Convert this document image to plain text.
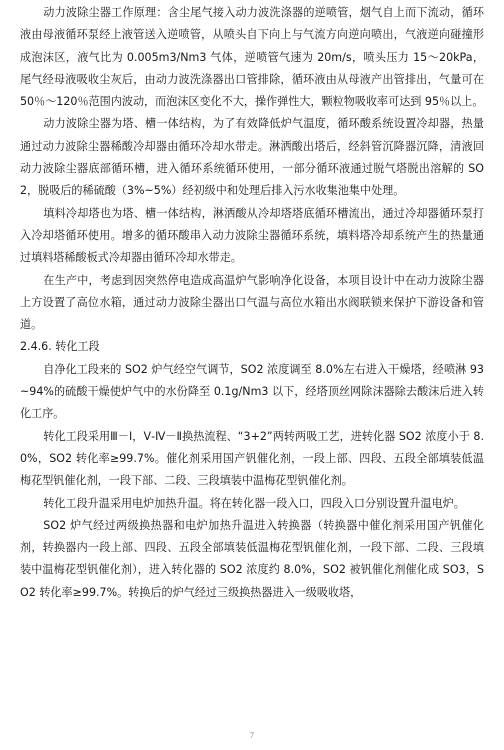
动力波除尘器工作原理：含尘尾气接入动力波洗涤器的逆喷管，烟气自上而下流动，循环液由母液循环泵经上液管送入逆喷管，从喷头自下向上与气流方向逆向喷出，气液逆向碰撞形成泡沫区，液气比为 0.005m3/Nm3 气体，逆喷管气速为 20m/s，喷头压力 15～20kPa，尾气经母液吸收尘灰后，由动力波洗涤器出口管排除，循环液由从母液产出管排出，气量可在 50％～120％范围内波动，而泡沫区变化不大，操作弹性大，颗粒物吸收率可达到 95％以上。

动力波除尘器为塔、槽一体结构，为了有效降低炉气温度，循环酸系统设置冷却器，热量通过动力波除尘器稀酸冷却器由循环冷却水带走。淋洒酸出塔后，经斜管沉降器沉降，清液回动力波除尘器底部循环槽，进入循环系统循环使用，一部分循环液通过脱气塔脱出溶解的 SO2，脱吸后的稀硫酸（3%~5%）经初级中和处理后排入污水收集池集中处理。

填料冷却塔也为塔、槽一体结构，淋洒酸从冷却塔塔底循环槽流出，通过冷却器循环泵打入冷却塔循环使用。增多的循环酸串入动力波除尘器循环系统，填料塔冷却系统产生的热量通过填料塔稀酸板式冷却器由循环冷却水带走。

在生产中，考虑到因突然停电造成高温炉气影响净化设备，本项目设计中在动力波除尘器上方设置了高位水箱，通过动力波除尘器出口气温与高位水箱出水阀联锁来保护下游设备和管道。

2.4.6. 转化工段

自净化工段来的 SO2 炉气经空气调节，SO2 浓度调至 8.0%左右进入干燥塔，经喷淋 93~94%的硫酸干燥使炉气中的水份降至 0.1g/Nm3 以下，经塔顶丝网除沫器除去酸沫后进入转化工序。

转化工段采用Ⅲ－Ⅰ，Ⅴ-Ⅳ－Ⅱ换热流程、“3+2”两转两吸工艺，进转化器 SO2 浓度小于 8.0%，SO2 转化率≥99.7%。催化剂采用国产钒催化剂，一段上部、四段、五段全部填装低温梅花型钒催化剂，一段下部、二段、三段填装中温梅花型钒催化剂。

转化工段升温采用电炉加热升温。将在转化器一段入口，四段入口分别设置升温电炉。

SO2 炉气经过两级换热器和电炉加热升温进入转换器（转换器中催化剂采用国产钒催化剂，转换器内一段上部、四段、五段全部填装低温梅花型钒催化剂，一段下部、二段、三段填装中温梅花型钒催化剂），进入转化器的 SO2 浓度约 8.0%，SO2 被钒催化剂催化成 SO3，SO2 转化率≥99.7%。转换后的炉气经过三级换热器进入一级吸收塔，

7
